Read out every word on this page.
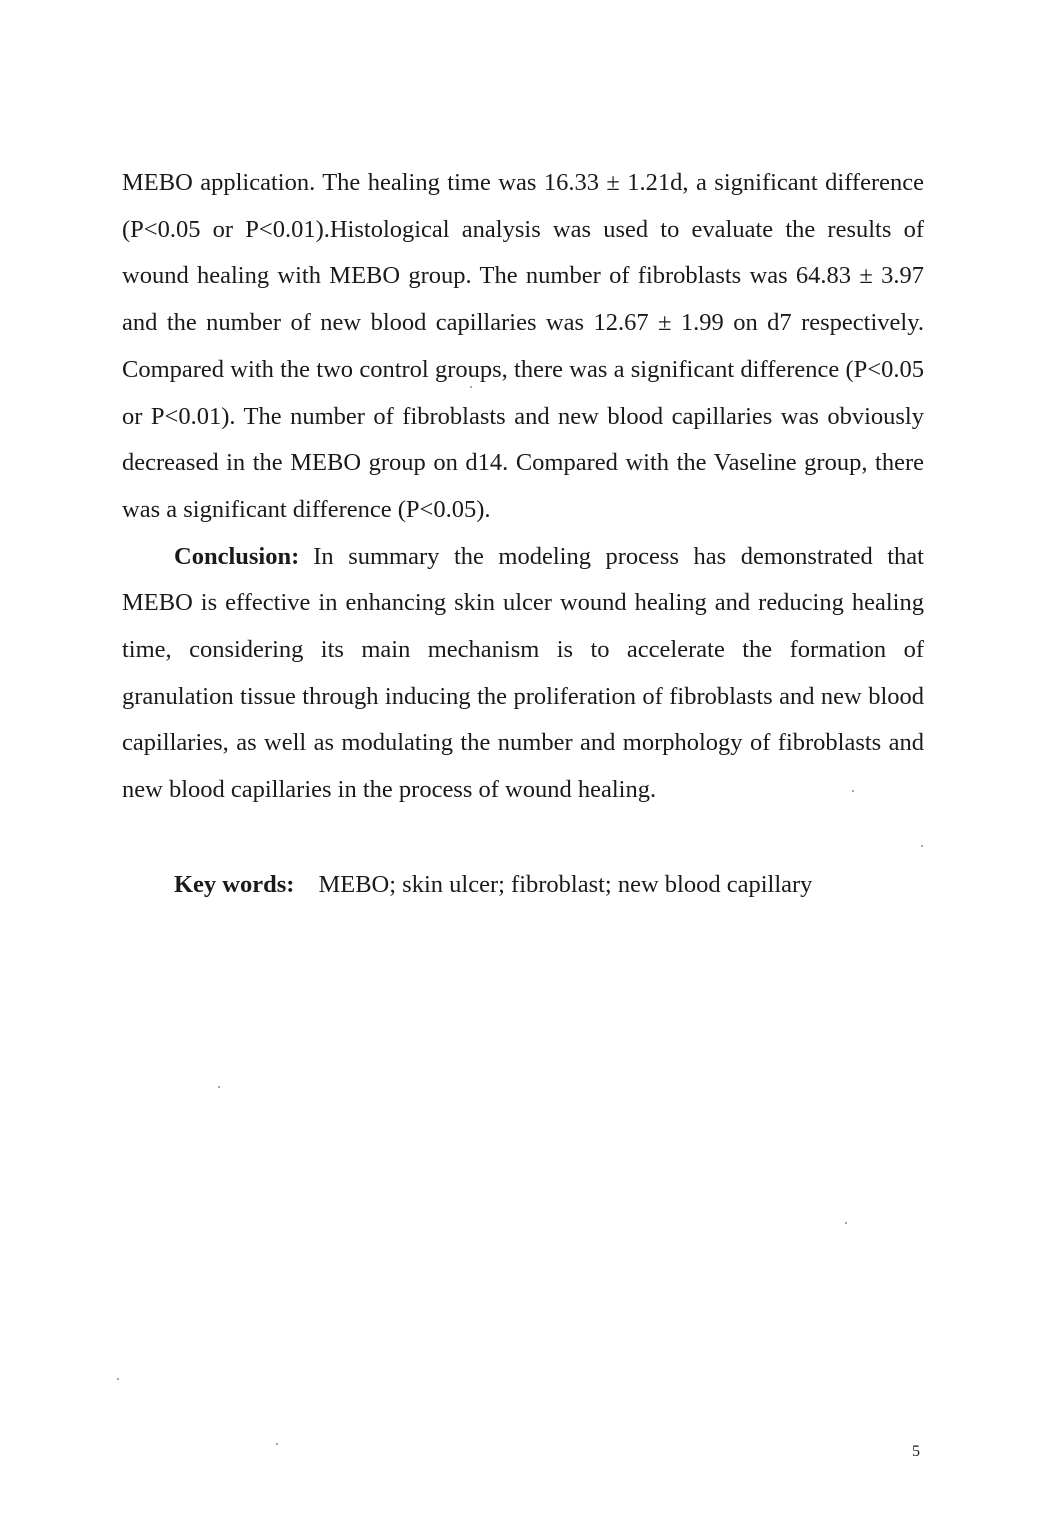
MEBO application. The healing time was 16.33 ± 1.21d, a significant difference (P<0.05 or P<0.01).Histological analysis was used to evaluate the results of wound healing with MEBO group. The number of fibroblasts was 64.83 ± 3.97 and the number of new blood capillaries was 12.67 ± 1.99 on d7 respectively. Compared with the two control groups, there was a significant difference (P<0.05 or P<0.01). The number of fibroblasts and new blood capillaries was obviously decreased in the MEBO group on d14. Compared with the Vaseline group, there was a significant difference (P<0.05).

Conclusion: In summary the modeling process has demonstrated that MEBO is effective in enhancing skin ulcer wound healing and reducing healing time, considering its main mechanism is to accelerate the formation of granulation tissue through inducing the proliferation of fibroblasts and new blood capillaries, as well as modulating the number and morphology of fibroblasts and new blood capillaries in the process of wound healing.

Key words: MEBO; skin ulcer; fibroblast; new blood capillary
5
